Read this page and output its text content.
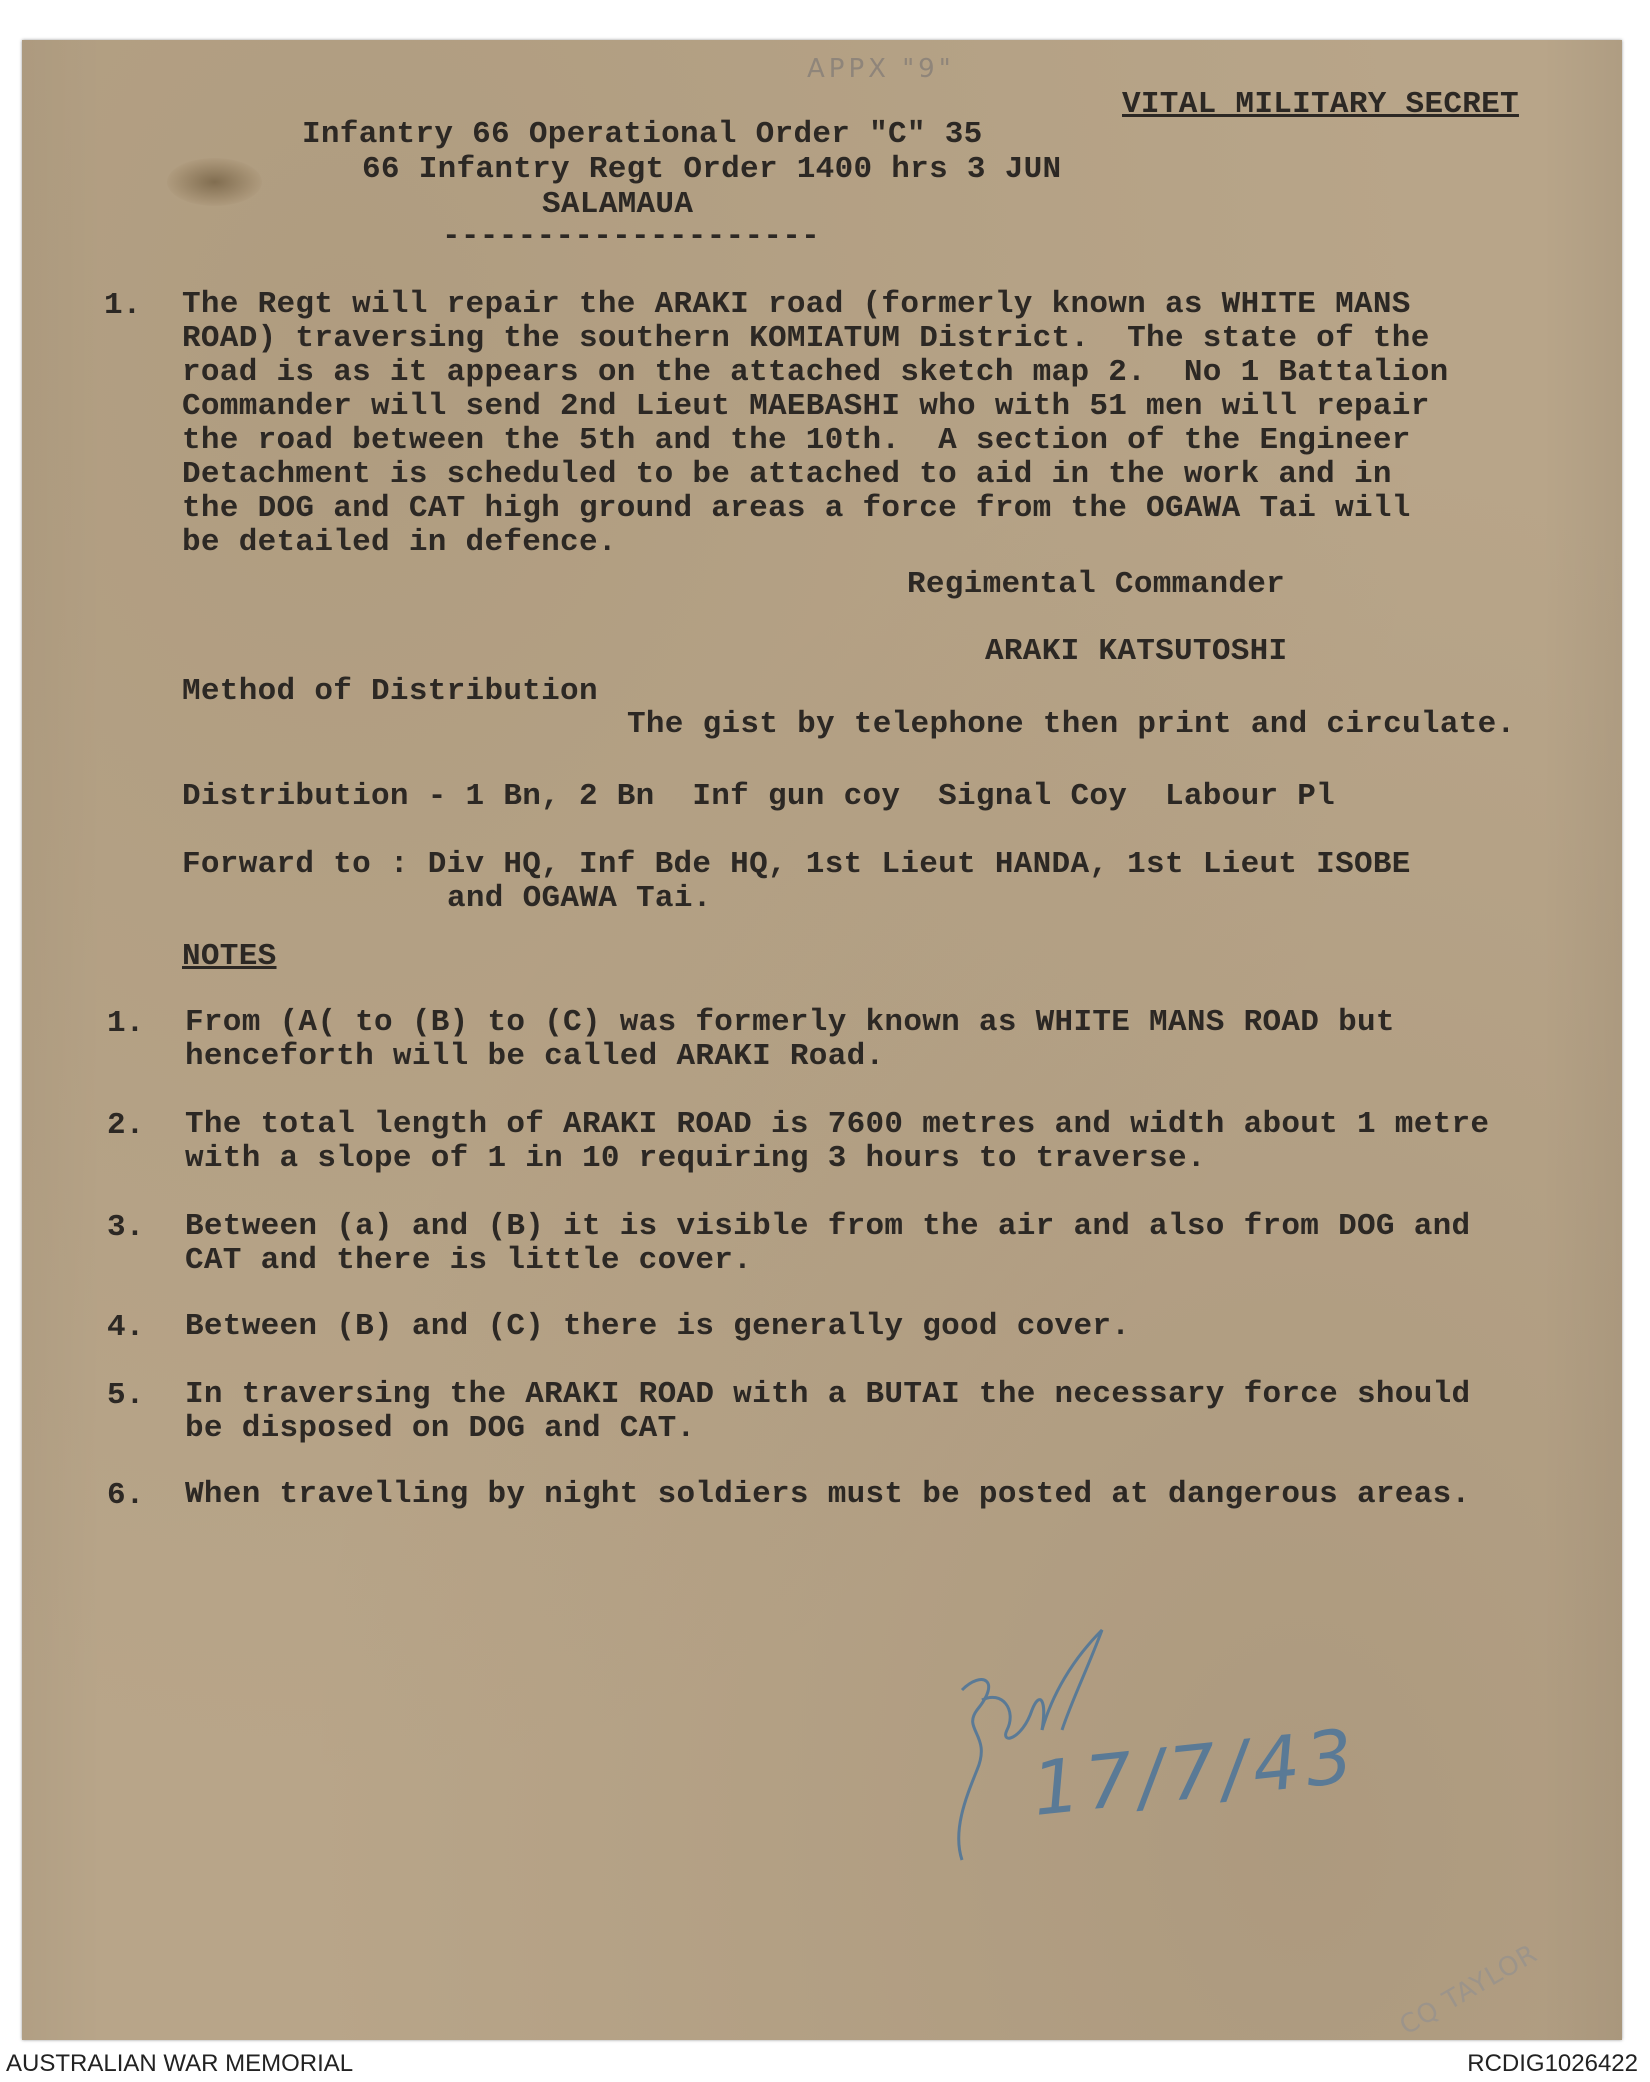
APPX "9"
VITAL MILITARY SECRET
Infantry 66 Operational Order "C" 35
66 Infantry Regt Order 1400 hrs 3 JUN
SALAMAUA
--------------------
1. The Regt will repair the ARAKI road (formerly known as WHITE MANS
ROAD) traversing the southern KOMIATUM District.  The state of the
road is as it appears on the attached sketch map 2.  No 1 Battalion
Commander will send 2nd Lieut MAEBASHI who with 51 men will repair
the road between the 5th and the 10th.  A section of the Engineer
Detachment is scheduled to be attached to aid in the work and in
the DOG and CAT high ground areas a force from the OGAWA Tai will
be detailed in defence.
Regimental Commander
ARAKI KATSUTOSHI
Method of Distribution
The gist by telephone then print and circulate.
Distribution - 1 Bn, 2 Bn  Inf gun coy  Signal Coy  Labour Pl
Forward to : Div HQ, Inf Bde HQ, 1st Lieut HANDA, 1st Lieut ISOBE
and OGAWA Tai.
NOTES
1. From (A( to (B) to (C) was formerly known as WHITE MANS ROAD but
henceforth will be called ARAKI Road.
2. The total length of ARAKI ROAD is 7600 metres and width about 1 metre
with a slope of 1 in 10 requiring 3 hours to traverse.
3. Between (a) and (B) it is visible from the air and also from DOG and
CAT and there is little cover.
4. Between (B) and (C) there is generally good cover.
5. In traversing the ARAKI ROAD with a BUTAI the necessary force should
be disposed on DOG and CAT.
6. When travelling by night soldiers must be posted at dangerous areas.
17/7/43
CQ TAYLOR
AUSTRALIAN WAR MEMORIAL	RCDIG1026422
